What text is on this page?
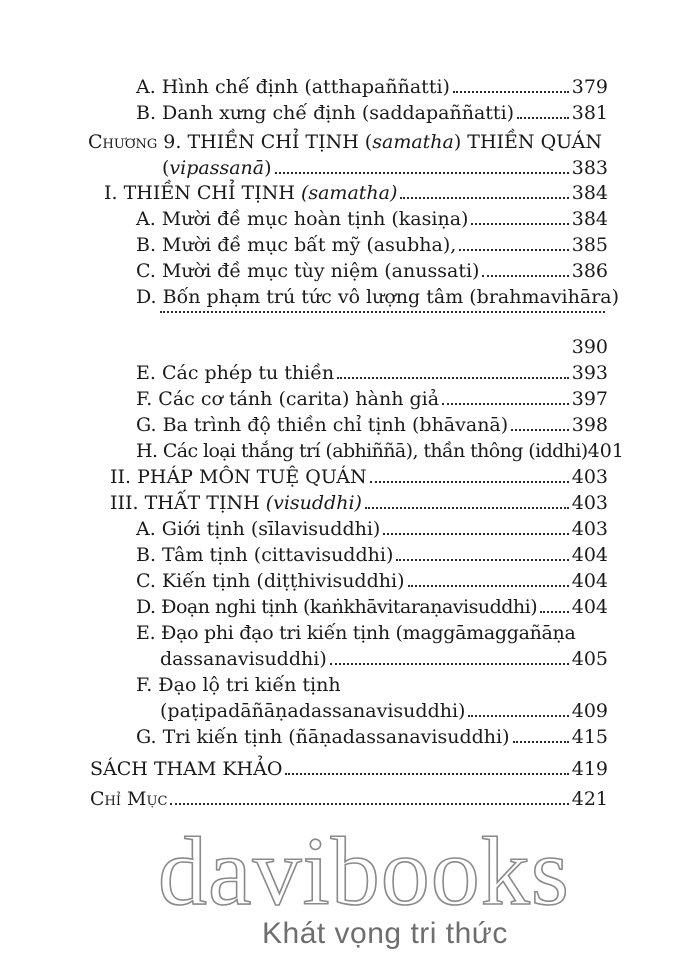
A. Hình chế định (atthapaññatti)	379
B. Danh xưng chế định (saddapaññatti)	381
Chương 9. THIỀN CHỈ TỊNH (samatha) THIỀN QUÁN
(vipassanā)	383
I. THIỀN CHỈ TỊNH (samatha)	384
A. Mười đề mục hoàn tịnh (kasiṇa)	384
B. Mười đề mục bất mỹ (asubha),	385
C. Mười đề mục tùy niệm (anussati)	386
D. Bốn phạm trú tức vô lượng tâm (brahmavihāra)
390
E. Các phép tu thiền	393
F. Các cơ tánh (carita) hành giả	397
G. Ba trình độ thiền chỉ tịnh (bhāvanā)	398
H. Các loại thắng trí (abhiññā), thần thông (iddhi) 401
II. PHÁP MÔN TUỆ QUÁN	403
III. THẤT TỊNH (visuddhi)	403
A. Giới tịnh (sīlavisuddhi)	403
B. Tâm tịnh (cittavisuddhi)	404
C. Kiến tịnh (diṭṭhivisuddhi)	404
D. Đoạn nghi tịnh (kaṅkhāvitaraṇavisuddhi) 404
E. Đạo phi đạo tri kiến tịnh (maggāmaggañāṇa
dassanavisuddhi)	405
F. Đạo lộ tri kiến tịnh
(paṭipadāñāṇadassanavisuddhi)	409
G. Tri kiến tịnh (ñāṇadassanavisuddhi)	415
SÁCH THAM KHẢO	419
Chỉ Mục	421
davibooks
Khát vọng tri thức
